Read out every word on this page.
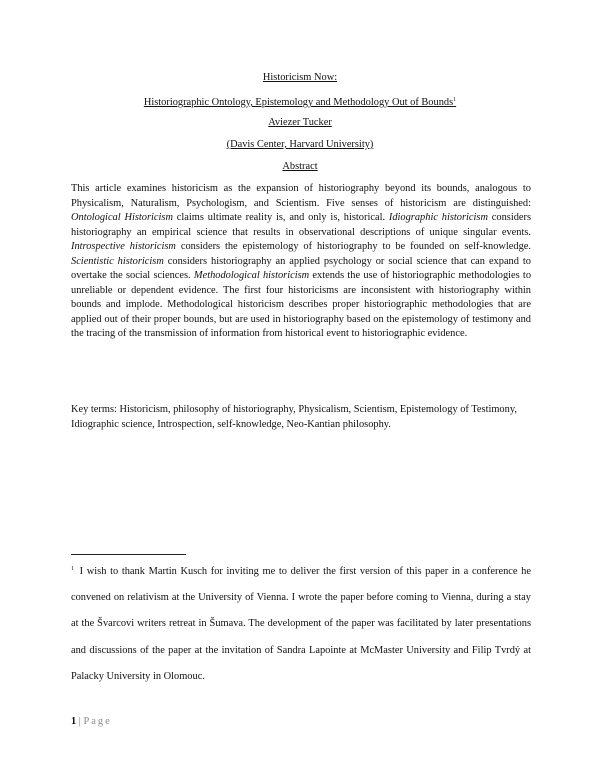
Historicism Now:
Historiographic Ontology, Epistemology and Methodology Out of Bounds$^1$
Aviezer Tucker
(Davis Center, Harvard University)
Abstract

This article examines historicism as the expansion of historiography beyond its bounds, analogous to Physicalism, Naturalism, Psychologism, and Scientism. Five senses of historicism are distinguished: Ontological Historicism claims ultimate reality is, and only is, historical. Idiographic historicism considers historiography an empirical science that results in observational descriptions of unique singular events. Introspective historicism considers the epistemology of historiography to be founded on self-knowledge. Scientistic historicism considers historiography an applied psychology or social science that can expand to overtake the social sciences. Methodological historicism extends the use of historiographic methodologies to unreliable or dependent evidence. The first four historicisms are inconsistent with historiography within bounds and implode. Methodological historicism describes proper historiographic methodologies that are applied out of their proper bounds, but are used in historiography based on the epistemology of testimony and the tracing of the transmission of information from historical event to historiographic evidence.

Key terms: Historicism, philosophy of historiography, Physicalism, Scientism, Epistemology of Testimony, Idiographic science, Introspection, self-knowledge, Neo-Kantian philosophy.

$^1$ I wish to thank Martin Kusch for inviting me to deliver the first version of this paper in a conference he convened on relativism at the University of Vienna. I wrote the paper before coming to Vienna, during a stay at the Švarcovi writers retreat in Šumava. The development of the paper was facilitated by later presentations and discussions of the paper at the invitation of Sandra Lapointe at McMaster University and Filip Tvrdý at Palacky University in Olomouc.

1 | Page
